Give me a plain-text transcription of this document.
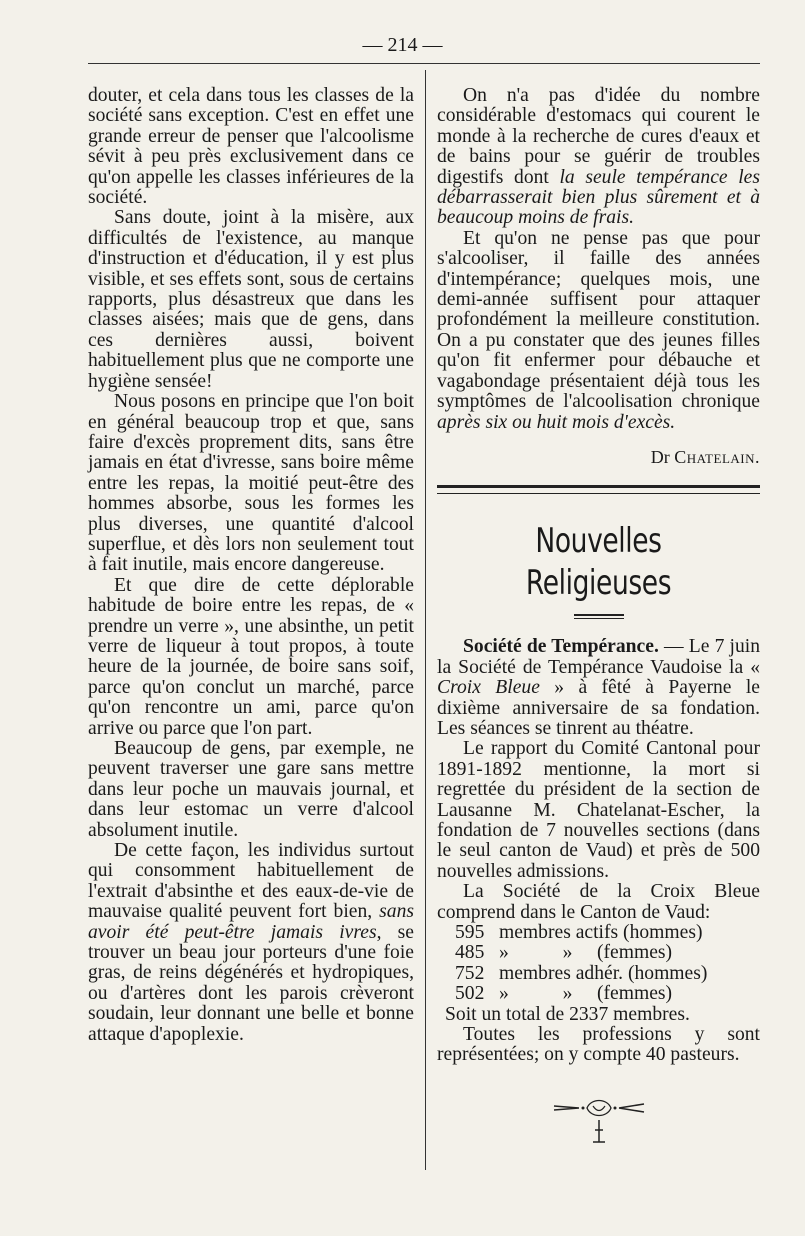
— 214 —

douter, et cela dans tous les classes de la société sans exception. C'est en effet une grande erreur de penser que l'alcoolisme sévit à peu près exclusivement dans ce qu'on appelle les classes inférieures de la société.

Sans doute, joint à la misère, aux difficultés de l'existence, au manque d'instruction et d'éducation, il y est plus visible, et ses effets sont, sous de certains rapports, plus désastreux que dans les classes aisées; mais que de gens, dans ces dernières aussi, boivent habituellement plus que ne comporte une hygiène sensée!

Nous posons en principe que l'on boit en général beaucoup trop et que, sans faire d'excès proprement dits, sans être jamais en état d'ivresse, sans boire même entre les repas, la moitié peut-être des hommes absorbe, sous les formes les plus diverses, une quantité d'alcool superflue, et dès lors non seulement tout à fait inutile, mais encore dangereuse.

Et que dire de cette déplorable habitude de boire entre les repas, de « prendre un verre », une absinthe, un petit verre de liqueur à tout propos, à toute heure de la journée, de boire sans soif, parce qu'on conclut un marché, parce qu'on rencontre un ami, parce qu'on arrive ou parce que l'on part.

Beaucoup de gens, par exemple, ne peuvent traverser une gare sans mettre dans leur poche un mauvais journal, et dans leur estomac un verre d'alcool absolument inutile.

De cette façon, les individus surtout qui consomment habituellement de l'extrait d'absinthe et des eaux-de-vie de mauvaise qualité peuvent fort bien, sans avoir été peut-être jamais ivres, se trouver un beau jour porteurs d'une foie gras, de reins dégénérés et hydropiques, ou d'artères dont les parois crèveront soudain, leur donnant une belle et bonne attaque d'apoplexie.

On n'a pas d'idée du nombre considérable d'estomacs qui courent le monde à la recherche de cures d'eaux et de bains pour se guérir de troubles digestifs dont la seule tempérance les débarrasserait bien plus sûrement et à beaucoup moins de frais.

Et qu'on ne pense pas que pour s'alcooliser, il faille des années d'intempérance; quelques mois, une demi-année suffisent pour attaquer profondément la meilleure constitution. On a pu constater que des jeunes filles qu'on fit enfermer pour débauche et vagabondage présentaient déjà tous les symptômes de l'alcoolisation chronique après six ou huit mois d'excès.

Dr Chatelain.

Nouvelles Religieuses

Société de Tempérance. — Le 7 juin la Société de Tempérance Vaudoise la « Croix Bleue » à fêté à Payerne le dixième anniversaire de sa fondation. Les séances se tinrent au théatre.

Le rapport du Comité Cantonal pour 1891-1892 mentionne, la mort si regrettée du président de la section de Lausanne M. Chatelanat-Escher, la fondation de 7 nouvelles sections (dans le seul canton de Vaud) et près de 500 nouvelles admissions.

La Société de la Croix Bleue comprend dans le Canton de Vaud:

595 membres actifs (hommes)
485 »           »     (femmes)
752 membres adhér. (hommes)
502 »           »     (femmes)

Soit un total de 2337 membres.

Toutes les professions y sont représentées; on y compte 40 pasteurs.
